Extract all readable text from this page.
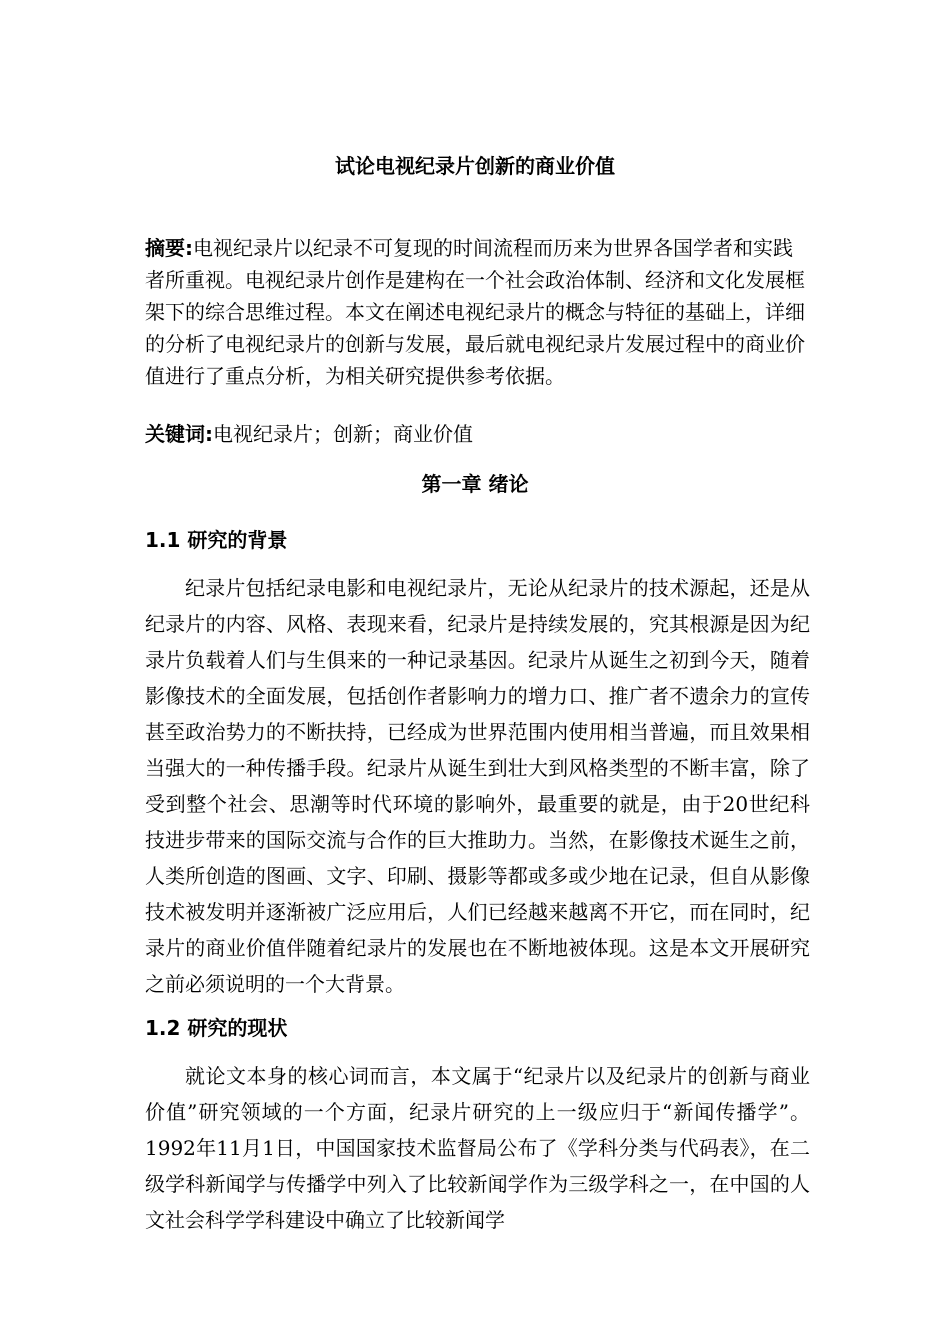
试论电视纪录片创新的商业价值

摘要:电视纪录片以纪录不可复现的时间流程而历来为世界各国学者和实践者所重视。电视纪录片创作是建构在一个社会政治体制、经济和文化发展框架下的综合思维过程。本文在阐述电视纪录片的概念与特征的基础上，详细的分析了电视纪录片的创新与发展，最后就电视纪录片发展过程中的商业价值进行了重点分析，为相关研究提供参考依据。

关键词:电视纪录片；创新；商业价值

第一章 绪论
1.1 研究的背景

纪录片包括纪录电影和电视纪录片，无论从纪录片的技术源起，还是从纪录片的内容、风格、表现来看，纪录片是持续发展的，究其根源是因为纪录片负载着人们与生俱来的一种记录基因。纪录片从诞生之初到今天，随着影像技术的全面发展，包括创作者影响力的增力口、推广者不遗余力的宣传甚至政治势力的不断扶持，已经成为世界范围内使用相当普遍，而且效果相当强大的一种传播手段。纪录片从诞生到壮大到风格类型的不断丰富，除了受到整个社会、思潮等时代环境的影响外，最重要的就是，由于20世纪科技进步带来的国际交流与合作的巨大推助力。当然，在影像技术诞生之前，人类所创造的图画、文字、印刷、摄影等都或多或少地在记录，但自从影像技术被发明并逐渐被广泛应用后，人们已经越来越离不开它，而在同时，纪录片的商业价值伴随着纪录片的发展也在不断地被体现。这是本文开展研究之前必须说明的一个大背景。

1.2 研究的现状

就论文本身的核心词而言，本文属于“纪录片以及纪录片的创新与商业价值”研究领域的一个方面，纪录片研究的上一级应归于“新闻传播学”。1992年11月1日，中国国家技术监督局公布了《学科分类与代码表》，在二级学科新闻学与传播学中列入了比较新闻学作为三级学科之一，在中国的人文社会科学学科建设中确立了比较新闻学
